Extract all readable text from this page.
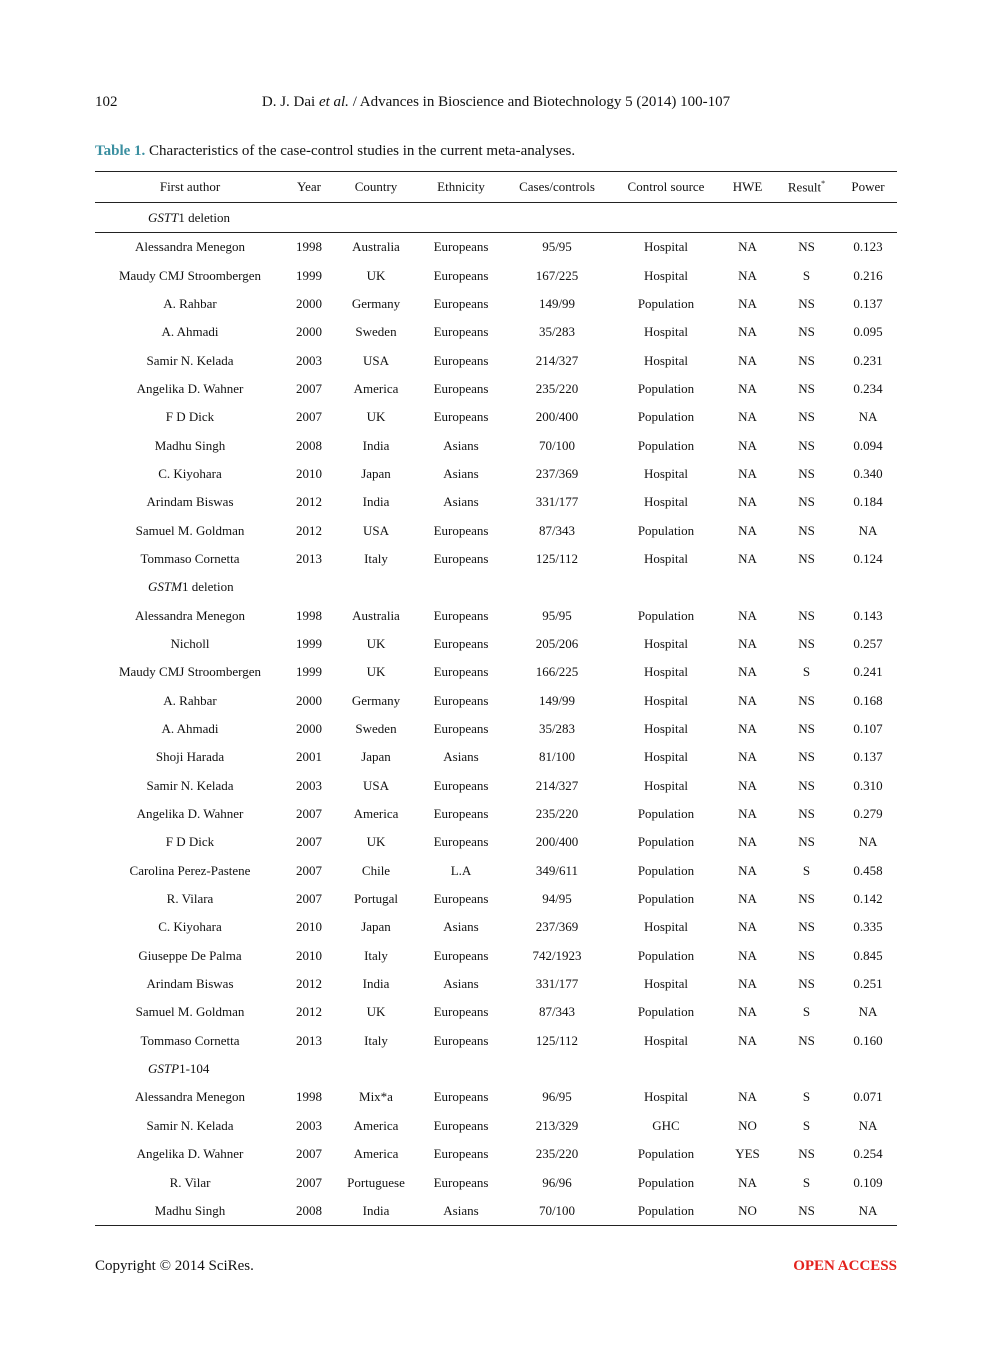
102	D. J. Dai et al. / Advances in Bioscience and Biotechnology 5 (2014) 100-107
Table 1. Characteristics of the case-control studies in the current meta-analyses.
First author	Year	Country	Ethnicity	Cases/controls	Control source	HWE	Result*	Power
GSTT1 deletion								
Alessandra Menegon	1998	Australia	Europeans	95/95	Hospital	NA	NS	0.123
Maudy CMJ Stroombergen	1999	UK	Europeans	167/225	Hospital	NA	S	0.216
A. Rahbar	2000	Germany	Europeans	149/99	Population	NA	NS	0.137
A. Ahmadi	2000	Sweden	Europeans	35/283	Hospital	NA	NS	0.095
Samir N. Kelada	2003	USA	Europeans	214/327	Hospital	NA	NS	0.231
Angelika D. Wahner	2007	America	Europeans	235/220	Population	NA	NS	0.234
F D Dick	2007	UK	Europeans	200/400	Population	NA	NS	NA
Madhu Singh	2008	India	Asians	70/100	Population	NA	NS	0.094
C. Kiyohara	2010	Japan	Asians	237/369	Hospital	NA	NS	0.340
Arindam Biswas	2012	India	Asians	331/177	Hospital	NA	NS	0.184
Samuel M. Goldman	2012	USA	Europeans	87/343	Population	NA	NS	NA
Tommaso Cornetta	2013	Italy	Europeans	125/112	Hospital	NA	NS	0.124
GSTM1 deletion								
Alessandra Menegon	1998	Australia	Europeans	95/95	Population	NA	NS	0.143
Nicholl	1999	UK	Europeans	205/206	Hospital	NA	NS	0.257
Maudy CMJ Stroombergen	1999	UK	Europeans	166/225	Hospital	NA	S	0.241
A. Rahbar	2000	Germany	Europeans	149/99	Hospital	NA	NS	0.168
A. Ahmadi	2000	Sweden	Europeans	35/283	Hospital	NA	NS	0.107
Shoji Harada	2001	Japan	Asians	81/100	Hospital	NA	NS	0.137
Samir N. Kelada	2003	USA	Europeans	214/327	Hospital	NA	NS	0.310
Angelika D. Wahner	2007	America	Europeans	235/220	Population	NA	NS	0.279
F D Dick	2007	UK	Europeans	200/400	Population	NA	NS	NA
Carolina Perez-Pastene	2007	Chile	L.A	349/611	Population	NA	S	0.458
R. Vilara	2007	Portugal	Europeans	94/95	Population	NA	NS	0.142
C. Kiyohara	2010	Japan	Asians	237/369	Hospital	NA	NS	0.335
Giuseppe De Palma	2010	Italy	Europeans	742/1923	Population	NA	NS	0.845
Arindam Biswas	2012	India	Asians	331/177	Hospital	NA	NS	0.251
Samuel M. Goldman	2012	UK	Europeans	87/343	Population	NA	S	NA
Tommaso Cornetta	2013	Italy	Europeans	125/112	Hospital	NA	NS	0.160
GSTP1-104								
Alessandra Menegon	1998	Mix*a	Europeans	96/95	Hospital	NA	S	0.071
Samir N. Kelada	2003	America	Europeans	213/329	GHC	NO	S	NA
Angelika D. Wahner	2007	America	Europeans	235/220	Population	YES	NS	0.254
R. Vilar	2007	Portuguese	Europeans	96/96	Population	NA	S	0.109
Madhu Singh	2008	India	Asians	70/100	Population	NO	NS	NA
Copyright © 2014 SciRes.	OPEN ACCESS
